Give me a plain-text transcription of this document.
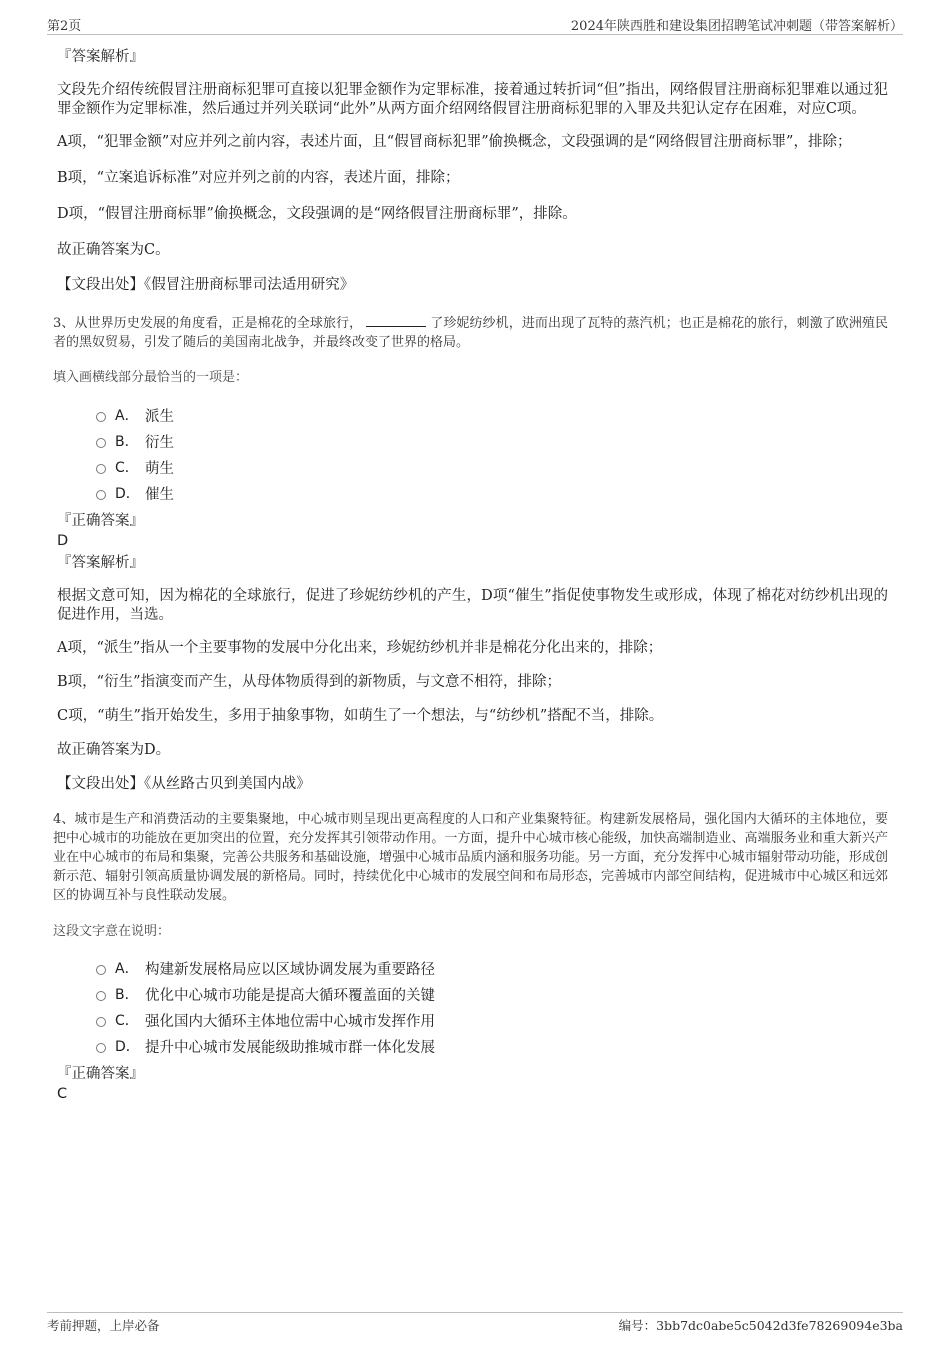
第2页	2024年陕西胜和建设集团招聘笔试冲刺题（带答案解析）
『答案解析』
文段先介绍传统假冒注册商标犯罪可直接以犯罪金额作为定罪标准，接着通过转折词“但”指出，网络假冒注册商标犯罪难以通过犯罪金额作为定罪标准，然后通过并列关联词“此外”从两方面介绍网络假冒注册商标犯罪的入罪及共犯认定存在困难，对应C项。
A项，“犯罪金额”对应并列之前内容，表述片面，且“假冒商标犯罪”偷换概念，文段强调的是“网络假冒注册商标罪”，排除；
B项，“立案追诉标准”对应并列之前的内容，表述片面，排除；
D项，“假冒注册商标罪”偷换概念，文段强调的是“网络假冒注册商标罪”，排除。
故正确答案为C。
【文段出处】《假冒注册商标罪司法适用研究》
3、从世界历史发展的角度看，正是棉花的全球旅行，	了珍妮纺纱机，进而出现了瓦特的蒸汽机；也正是棉花的旅行，刺激了欧洲殖民者的黑奴贸易，引发了随后的美国南北战争，并最终改变了世界的格局。
填入画横线部分最恰当的一项是：
A． 派生
B． 衍生
C． 萌生
D． 催生
『正确答案』
D
『答案解析』
根据文意可知，因为棉花的全球旅行，促进了珍妮纺纱机的产生，D项“催生”指促使事物发生或形成，体现了棉花对纺纱机出现的促进作用，当选。
A项，“派生”指从一个主要事物的发展中分化出来，珍妮纺纱机并非是棉花分化出来的，排除；
B项，“衍生”指演变而产生，从母体物质得到的新物质，与文意不相符，排除；
C项，“萌生”指开始发生，多用于抽象事物，如萌生了一个想法，与“纺纱机”搭配不当，排除。
故正确答案为D。
【文段出处】《从丝路古贝到美国内战》
4、城市是生产和消费活动的主要集聚地，中心城市则呈现出更高程度的人口和产业集聚特征。构建新发展格局，强化国内大循环的主体地位，要把中心城市的功能放在更加突出的位置，充分发挥其引领带动作用。一方面，提升中心城市核心能级，加快高端制造业、高端服务业和重大新兴产业在中心城市的布局和集聚，完善公共服务和基础设施，增强中心城市品质内涵和服务功能。另一方面，充分发挥中心城市辐射带动功能，形成创新示范、辐射引领高质量协调发展的新格局。同时，持续优化中心城市的发展空间和布局形态，完善城市内部空间结构，促进城市中心城区和远郊区的协调互补与良性联动发展。
这段文字意在说明：
A． 构建新发展格局应以区域协调发展为重要路径
B． 优化中心城市功能是提高大循环覆盖面的关键
C． 强化国内大循环主体地位需中心城市发挥作用
D． 提升中心城市发展能级助推城市群一体化发展
『正确答案』
C
考前押题，上岸必备	编号：3bb7dc0abe5c5042d3fe78269094e3ba
